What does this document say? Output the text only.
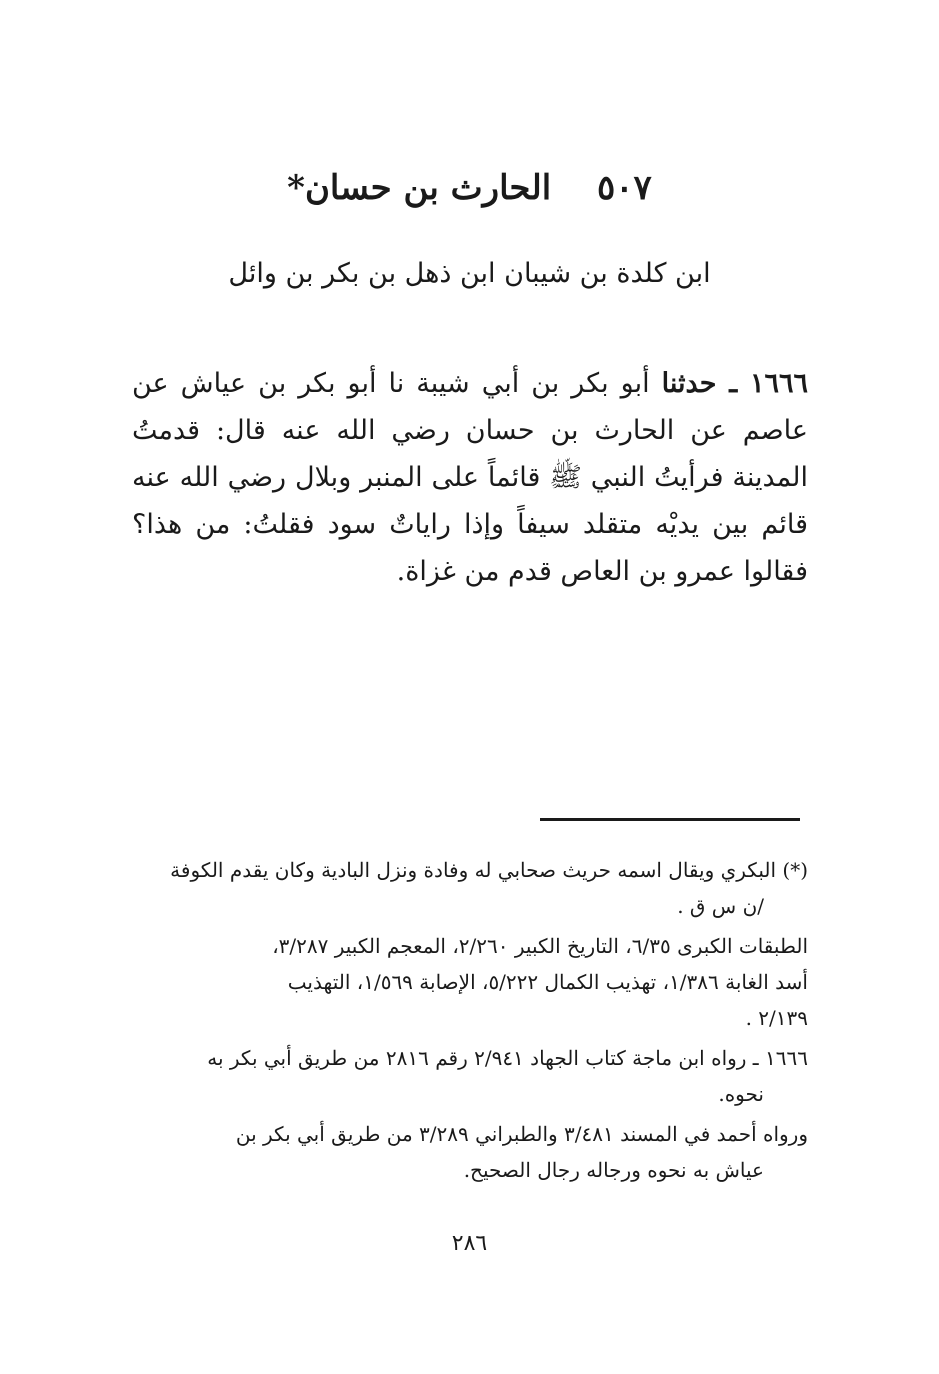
٥٠٧ الحارث بن حسان*
ابن كلدة بن شيبان ابن ذهل بن بكر بن وائل
١٦٦٦ ـ حدثنا أبو بكر بن أبي شيبة نا أبو بكر بن عياش عن عاصم عن الحارث بن حسان رضي الله عنه قال: قدمتُ المدينة فرأيتُ النبي ﷺ قائماً على المنبر وبلال رضي الله عنه قائم بين يديْه متقلد سيفاً وإذا راياتٌ سود فقلتُ: من هذا؟ فقالوا عمرو بن العاص قدم من غزاة.
(*) البكري ويقال اسمه حريث صحابي له وفادة ونزل البادية وكان يقدم الكوفة
/ن س ق .
الطبقات الكبرى ٦/٣٥، التاريخ الكبير ٢/٢٦٠، المعجم الكبير ٣/٢٨٧،
أسد الغابة ١/٣٨٦، تهذيب الكمال ٥/٢٢٢، الإصابة ١/٥٦٩، التهذيب
٢/١٣٩ .
١٦٦٦ ـ رواه ابن ماجة كتاب الجهاد ٢/٩٤١ رقم ٢٨١٦ من طريق أبي بكر به
نحوه.
ورواه أحمد في المسند ٣/٤٨١ والطبراني ٣/٢٨٩ من طريق أبي بكر بن
عياش به نحوه ورجاله رجال الصحيح.
٢٨٦
